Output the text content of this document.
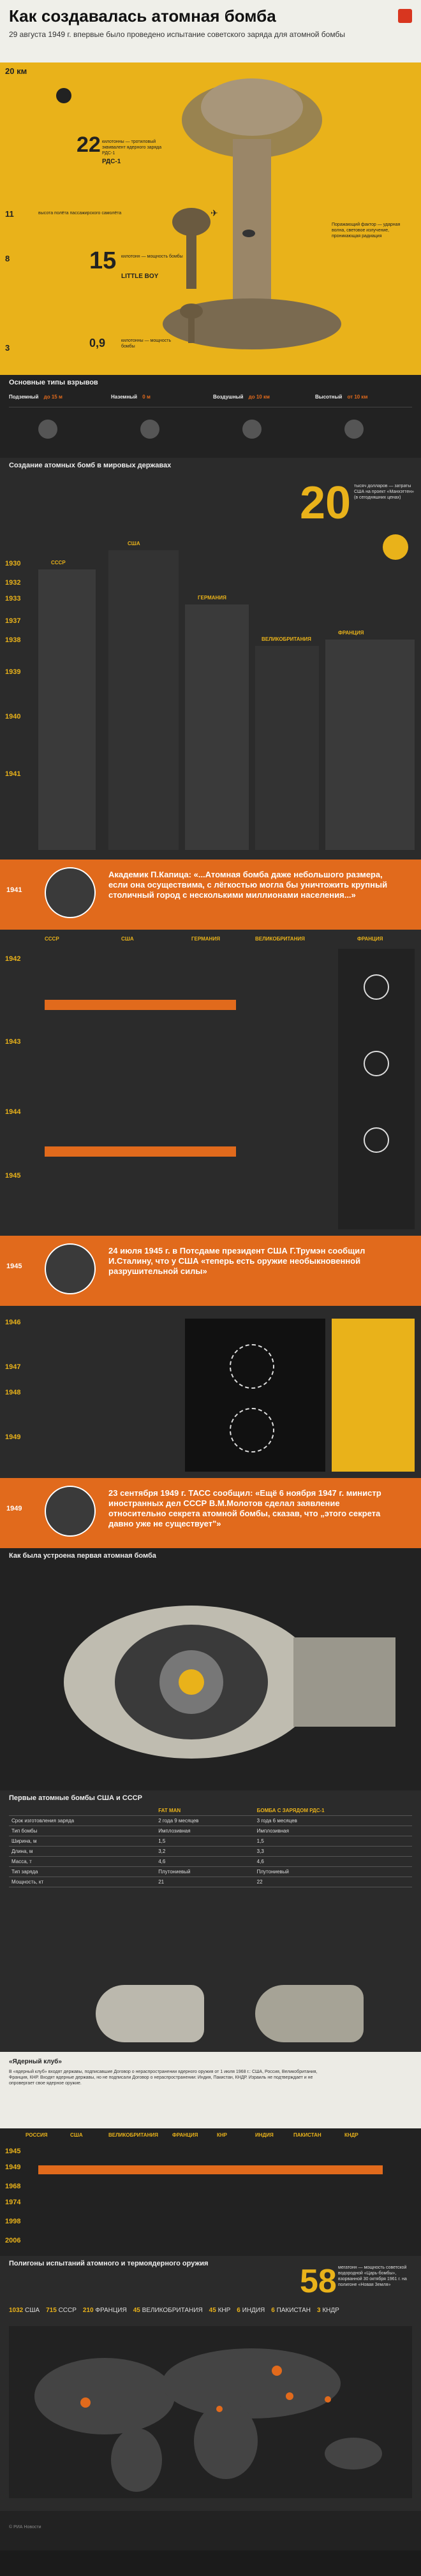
Как создавалась атомная бомба
29 августа 1949 г. впервые было проведено испытание советского заряда для атомной бомбы
20 км
11
8
3
22 килотонны — тротиловый эквивалент ядерного заряда РДС-1
РДС-1
высота полёта пассажирского самолёта	✈
15 килотонн — мощность бомбы
LITTLE BOY
0,9	килотонны — мощность бомбы
Поражающий фактор — ударная волна, световое излучение, проникающая радиация
Основные типы взрывов
Подземный до 15 м	Наземный 0 м	Воздушный до 10 км	Высотный от 10 км
Создание атомных бомб в мировых державах
20 тысяч долларов — затраты США на проект «Манхэттен» (в сегодняшних ценах)
СССР
США
ГЕРМАНИЯ
ВЕЛИКОБРИТАНИЯ
ФРАНЦИЯ
1930
1932
1933
1937
1938
1939
1940
1941
1941
Академик П.Капица: «...Атомная бомба даже небольшого размера, если она осуществима, с лёгкостью могла бы уничтожить крупный столичный город с несколькими миллионами населения...»
СССР	США	ГЕРМАНИЯ	ВЕЛИКОБРИТАНИЯ	ФРАНЦИЯ
1942
1943
1944
1945
1945
24 июля 1945 г. в Потсдаме президент США Г.Трумэн сообщил И.Сталину, что у США «теперь есть оружие необыкновенной разрушительной силы»
1946
1947
1948
1949
1949
23 сентября 1949 г. ТАСС сообщил: «Ещё 6 ноября 1947 г. министр иностранных дел СССР В.М.Молотов сделал заявление относительно секрета атомной бомбы, сказав, что „этого секрета давно уже не существует"»
Как была устроена первая атомная бомба
Первые атомные бомбы США и СССР
	FAT MAN	БОМБА С ЗАРЯДОМ РДС-1
Срок изготовления заряда	2 года 9 месяцев	3 года 6 месяцев
Тип бомбы	Имплозивная	Имплозивная
Ширина, м	1,5	1,5
Длина, м	3,2	3,3
Масса, т	4,6	4,6
Тип заряда	Плутониевый	Плутониевый
Мощность, кт	21	22
«Ядерный клуб»
В «ядерный клуб» входят державы, подписавшие Договор о нераспространении ядерного оружия от 1 июля 1968 г.: США, Россия, Великобритания, Франция, КНР. Входят ядерные державы, но не подписали Договор о нераспространении: Индия, Пакистан, КНДР. Израиль не подтверждает и не опровергает свое ядерное оружие.
РОССИЯ	США	ВЕЛИКОБРИТАНИЯ	ФРАНЦИЯ	КНР	ИНДИЯ	ПАКИСТАН	КНДР
1945
1949
1968
1974
1998
2006
Полигоны испытаний атомного и термоядерного оружия	58 мегатонн — мощность советской водородной «Царь-бомбы», взорванной 30 октября 1961 г. на полигоне «Новая Земля»
1032 США 715 СССР 210 ФРАНЦИЯ 45 ВЕЛИКОБРИТАНИЯ 45 КНР 6 ИНДИЯ 6 ПАКИСТАН 3 КНДР
© РИА Новости
